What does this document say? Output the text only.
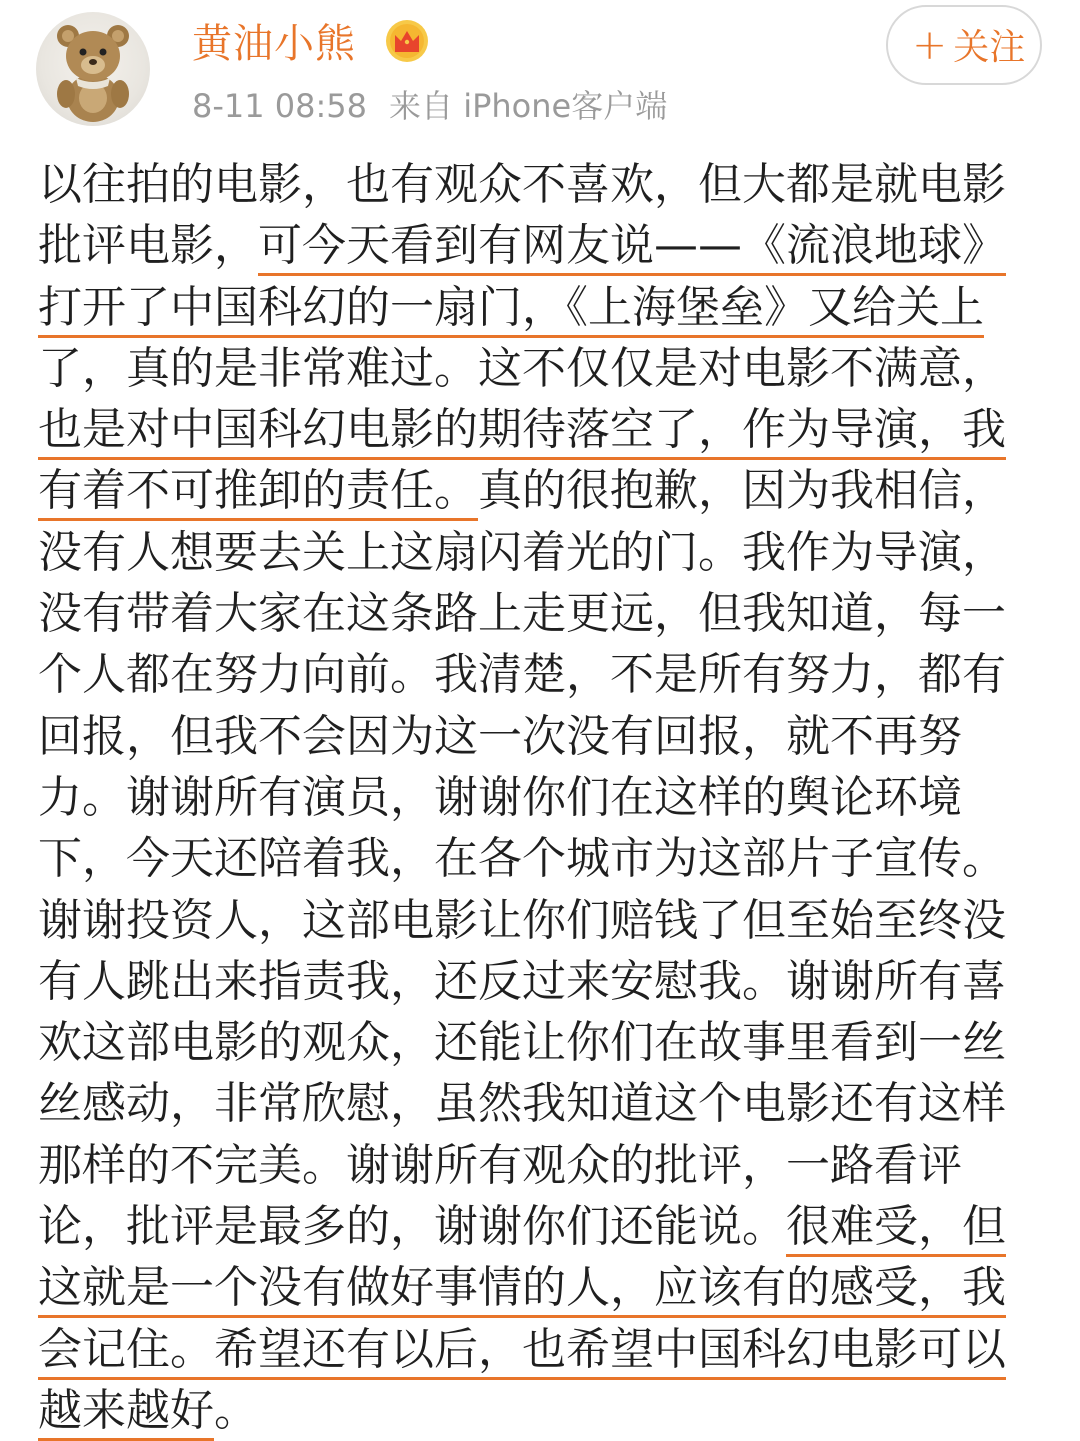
黄油小熊
8-11 08:58 来自 iPhone客户端
+ 关注
以往拍的电影，也有观众不喜欢，但大都是就电影
批评电影，可今天看到有网友说——《流浪地球》
打开了中国科幻的一扇门，《上海堡垒》又给关上
了，真的是非常难过。这不仅仅是对电影不满意，
也是对中国科幻电影的期待落空了，作为导演，我
有着不可推卸的责任。真的很抱歉，因为我相信，
没有人想要去关上这扇闪着光的门。我作为导演，
没有带着大家在这条路上走更远，但我知道，每一
个人都在努力向前。我清楚，不是所有努力，都有
回报，但我不会因为这一次没有回报，就不再努
力。谢谢所有演员，谢谢你们在这样的舆论环境
下，今天还陪着我，在各个城市为这部片子宣传。
谢谢投资人，这部电影让你们赔钱了但至始至终没
有人跳出来指责我，还反过来安慰我。谢谢所有喜
欢这部电影的观众，还能让你们在故事里看到一丝
丝感动，非常欣慰，虽然我知道这个电影还有这样
那样的不完美。谢谢所有观众的批评，一路看评
论，批评是最多的，谢谢你们还能说。很难受，但
这就是一个没有做好事情的人，应该有的感受，我
会记住。希望还有以后，也希望中国科幻电影可以
越来越好。
